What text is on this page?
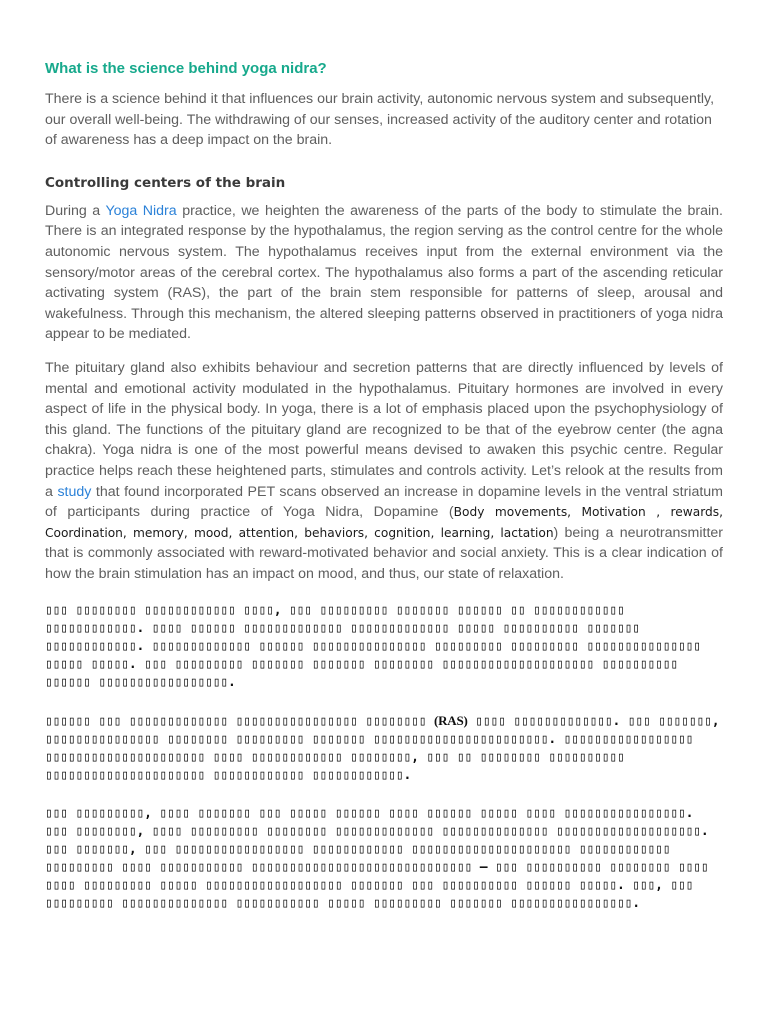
What is the science behind yoga nidra?

There is a science behind it that influences our brain activity, autonomic nervous system and subsequently, our overall well-being. The withdrawing of our senses, increased activity of the auditory center and rotation of awareness has a deep impact on the brain.

Controlling centers of the brain

During a Yoga Nidra practice, we heighten the awareness of the parts of the body to stimulate the brain. There is an integrated response by the hypothalamus, the region serving as the control centre for the whole autonomic nervous system. The hypothalamus receives input from the external environment via the sensory/motor areas of the cerebral cortex. The hypothalamus also forms a part of the ascending reticular activating system (RAS), the part of the brain stem responsible for patterns of sleep, arousal and wakefulness. Through this mechanism, the altered sleeping patterns observed in practitioners of yoga nidra appear to be mediated.

The pituitary gland also exhibits behaviour and secretion patterns that are directly influenced by levels of mental and emotional activity modulated in the hypothalamus. Pituitary hormones are involved in every aspect of life in the physical body. In yoga, there is a lot of emphasis placed upon the psychophysiology of this gland. The functions of the pituitary gland are recognized to be that of the eyebrow center (the agna chakra). Yoga nidra is one of the most powerful means devised to awaken this psychic centre. Regular practice helps reach these heightened parts, stimulates and controls activity. Let’s relook at the results from a study that found incorporated PET scans observed an increase in dopamine levels in the ventral striatum of participants during practice of Yoga Nidra, Dopamine (Body movements, Motivation , rewards, Coordination, memory, mood, attention, behaviors, cognition, learning, lactation) being a neurotransmitter that is commonly associated with reward-motivated behavior and social anxiety. This is a clear indication of how the brain stimulation has an impact on mood, and thus, our state of relaxation.

▯▯▯ ▯▯▯▯▯▯▯▯ ▯▯▯▯▯▯▯▯▯▯▯▯ ▯▯▯▯, ▯▯▯ ▯▯▯▯▯▯▯▯▯ ▯▯▯▯▯▯▯ ▯▯▯▯▯▯ ▯▯ ▯▯▯▯▯▯▯▯▯▯▯▯ ▯▯▯▯▯▯▯▯▯▯▯▯. ▯▯▯▯ ▯▯▯▯▯▯ ▯▯▯▯▯▯▯▯▯▯▯▯▯ ▯▯▯▯▯▯▯▯▯▯▯▯▯ ▯▯▯▯▯ ▯▯▯▯▯▯▯▯▯▯ ▯▯▯▯▯▯▯ ▯▯▯▯▯▯▯▯▯▯▯▯. ▯▯▯▯▯▯▯▯▯▯▯▯▯ ▯▯▯▯▯▯ ▯▯▯▯▯▯▯▯▯▯▯▯▯▯▯ ▯▯▯▯▯▯▯▯▯ ▯▯▯▯▯▯▯▯▯ ▯▯▯▯▯▯▯▯▯▯▯▯▯▯▯ ▯▯▯▯▯ ▯▯▯▯▯. ▯▯▯ ▯▯▯▯▯▯▯▯▯ ▯▯▯▯▯▯▯ ▯▯▯▯▯▯▯ ▯▯▯▯▯▯▯▯ ▯▯▯▯▯▯▯▯▯▯▯▯▯▯▯▯▯▯▯▯ ▯▯▯▯▯▯▯▯▯▯ ▯▯▯▯▯▯ ▯▯▯▯▯▯▯▯▯▯▯▯▯▯▯▯▯.

▯▯▯▯▯▯ ▯▯▯ ▯▯▯▯▯▯▯▯▯▯▯▯▯ ▯▯▯▯▯▯▯▯▯▯▯▯▯▯▯▯ ▯▯▯▯▯▯▯▯ (RAS) ▯▯▯▯ ▯▯▯▯▯▯▯▯▯▯▯▯▯. ▯▯▯ ▯▯▯▯▯▯▯, ▯▯▯▯▯▯▯▯▯▯▯▯▯▯▯ ▯▯▯▯▯▯▯▯ ▯▯▯▯▯▯▯▯▯ ▯▯▯▯▯▯▯ ▯▯▯▯▯▯▯▯▯▯▯▯▯▯▯▯▯▯▯▯▯▯▯. ▯▯▯▯▯▯▯▯▯▯▯▯▯▯▯▯▯ ▯▯▯▯▯▯▯▯▯▯▯▯▯▯▯▯▯▯▯▯▯ ▯▯▯▯ ▯▯▯▯▯▯▯▯▯▯▯▯ ▯▯▯▯▯▯▯▯, ▯▯▯ ▯▯ ▯▯▯▯▯▯▯▯ ▯▯▯▯▯▯▯▯▯▯ ▯▯▯▯▯▯▯▯▯▯▯▯▯▯▯▯▯▯▯▯▯ ▯▯▯▯▯▯▯▯▯▯▯▯ ▯▯▯▯▯▯▯▯▯▯▯▯.

▯▯▯ ▯▯▯▯▯▯▯▯▯, ▯▯▯▯ ▯▯▯▯▯▯▯ ▯▯▯ ▯▯▯▯▯ ▯▯▯▯▯▯ ▯▯▯▯ ▯▯▯▯▯▯ ▯▯▯▯▯ ▯▯▯▯ ▯▯▯▯▯▯▯▯▯▯▯▯▯▯▯▯. ▯▯▯ ▯▯▯▯▯▯▯▯, ▯▯▯▯ ▯▯▯▯▯▯▯▯▯ ▯▯▯▯▯▯▯▯ ▯▯▯▯▯▯▯▯▯▯▯▯▯ ▯▯▯▯▯▯▯▯▯▯▯▯▯▯ ▯▯▯▯▯▯▯▯▯▯▯▯▯▯▯▯▯▯▯. ▯▯▯ ▯▯▯▯▯▯▯, ▯▯▯ ▯▯▯▯▯▯▯▯▯▯▯▯▯▯▯▯▯ ▯▯▯▯▯▯▯▯▯▯▯▯ ▯▯▯▯▯▯▯▯▯▯▯▯▯▯▯▯▯▯▯▯▯ ▯▯▯▯▯▯▯▯▯▯▯▯ ▯▯▯▯▯▯▯▯▯ ▯▯▯▯ ▯▯▯▯▯▯▯▯▯▯▯ ▯▯▯▯▯▯▯▯▯▯▯▯▯▯▯▯▯▯▯▯▯▯▯▯▯▯▯▯▯ — ▯▯▯ ▯▯▯▯▯▯▯▯▯▯ ▯▯▯▯▯▯▯▯ ▯▯▯▯ ▯▯▯▯ ▯▯▯▯▯▯▯▯▯ ▯▯▯▯▯ ▯▯▯▯▯▯▯▯▯▯▯▯▯▯▯▯▯▯ ▯▯▯▯▯▯▯ ▯▯▯ ▯▯▯▯▯▯▯▯▯▯ ▯▯▯▯▯▯ ▯▯▯▯▯. ▯▯▯, ▯▯▯ ▯▯▯▯▯▯▯▯▯ ▯▯▯▯▯▯▯▯▯▯▯▯▯▯ ▯▯▯▯▯▯▯▯▯▯▯ ▯▯▯▯▯ ▯▯▯▯▯▯▯▯▯ ▯▯▯▯▯▯▯ ▯▯▯▯▯▯▯▯▯▯▯▯▯▯▯▯.
